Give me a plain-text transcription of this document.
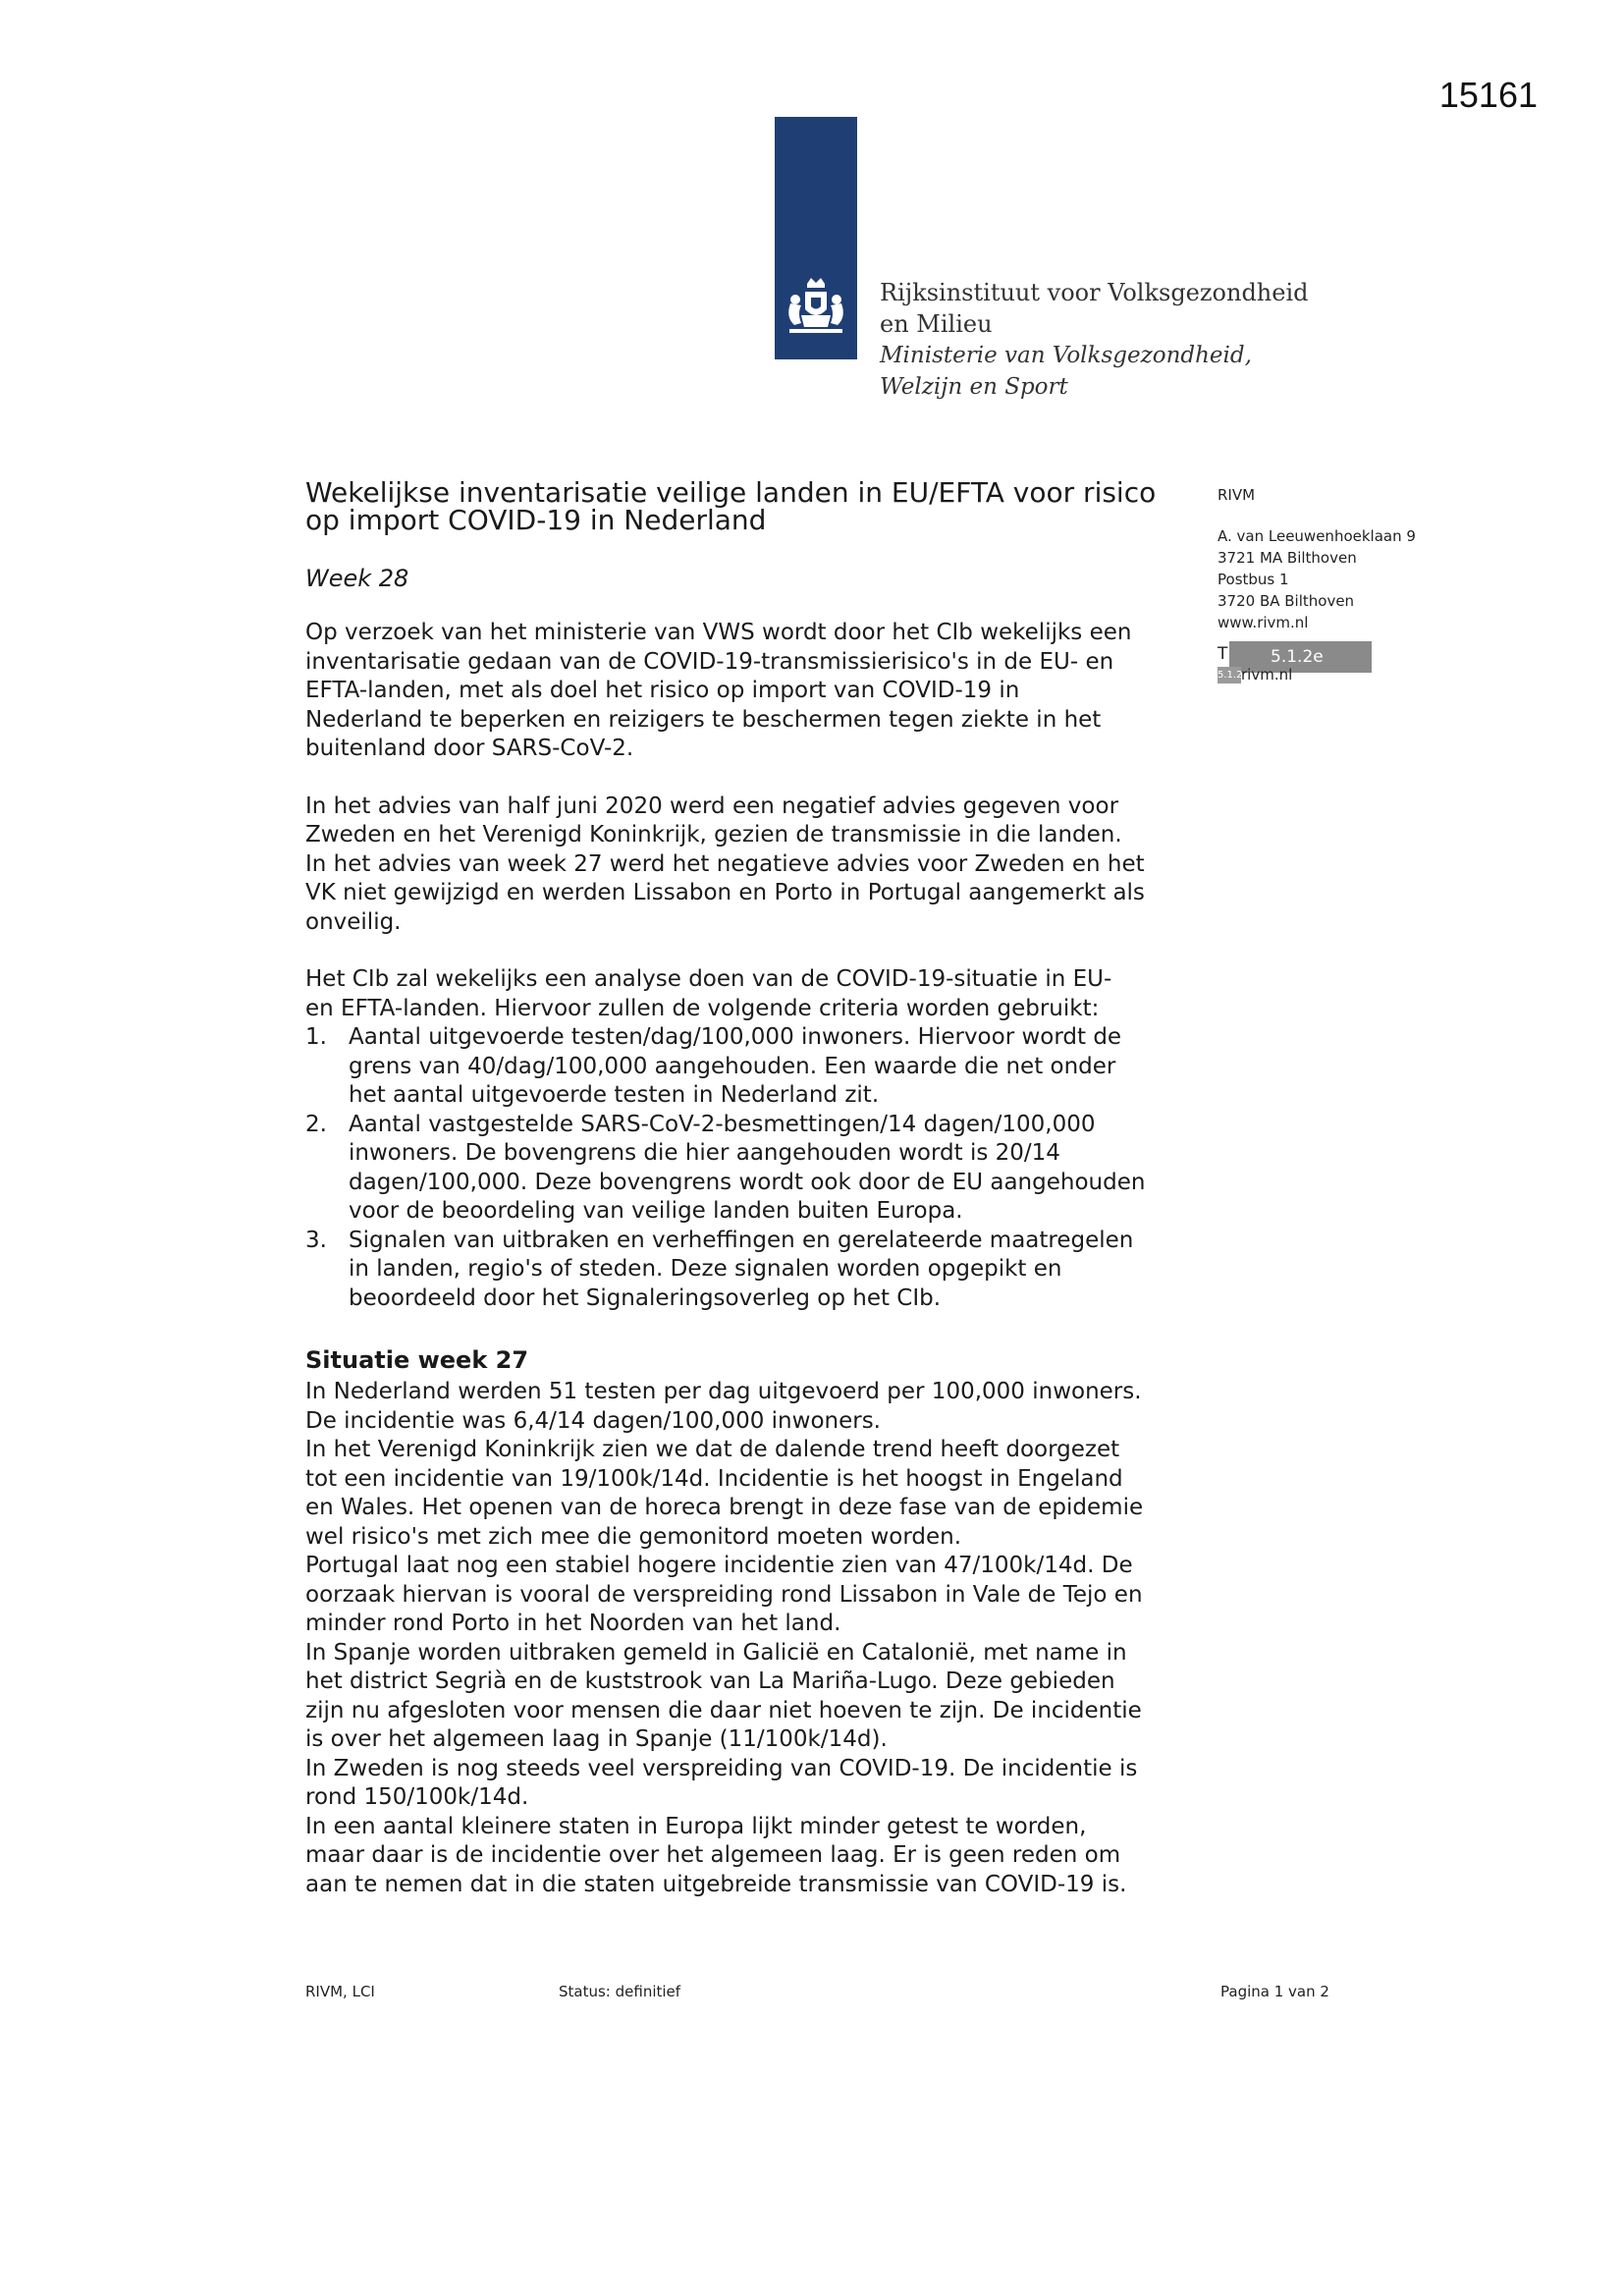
15161
Rijksinstituut voor Volksgezondheid
en Milieu
Ministerie van Volksgezondheid,
Welzijn en Sport
Wekelijkse inventarisatie veilige landen in EU/EFTA voor risico
op import COVID-19 in Nederland
Week 28
Op verzoek van het ministerie van VWS wordt door het CIb wekelijks een
inventarisatie gedaan van de COVID-19-transmissierisico's in de EU- en
EFTA-landen, met als doel het risico op import van COVID-19 in
Nederland te beperken en reizigers te beschermen tegen ziekte in het
buitenland door SARS-CoV-2.
In het advies van half juni 2020 werd een negatief advies gegeven voor
Zweden en het Verenigd Koninkrijk, gezien de transmissie in die landen.
In het advies van week 27 werd het negatieve advies voor Zweden en het
VK niet gewijzigd en werden Lissabon en Porto in Portugal aangemerkt als
onveilig.
Het CIb zal wekelijks een analyse doen van de COVID-19-situatie in EU-
en EFTA-landen. Hiervoor zullen de volgende criteria worden gebruikt:
1. Aantal uitgevoerde testen/dag/100,000 inwoners. Hiervoor wordt de
grens van 40/dag/100,000 aangehouden. Een waarde die net onder
het aantal uitgevoerde testen in Nederland zit.
2. Aantal vastgestelde SARS-CoV-2-besmettingen/14 dagen/100,000
inwoners. De bovengrens die hier aangehouden wordt is 20/14
dagen/100,000. Deze bovengrens wordt ook door de EU aangehouden
voor de beoordeling van veilige landen buiten Europa.
3. Signalen van uitbraken en verheffingen en gerelateerde maatregelen
in landen, regio's of steden. Deze signalen worden opgepikt en
beoordeeld door het Signaleringsoverleg op het CIb.
Situatie week 27
In Nederland werden 51 testen per dag uitgevoerd per 100,000 inwoners.
De incidentie was 6,4/14 dagen/100,000 inwoners.
In het Verenigd Koninkrijk zien we dat de dalende trend heeft doorgezet
tot een incidentie van 19/100k/14d. Incidentie is het hoogst in Engeland
en Wales. Het openen van de horeca brengt in deze fase van de epidemie
wel risico's met zich mee die gemonitord moeten worden.
Portugal laat nog een stabiel hogere incidentie zien van 47/100k/14d. De
oorzaak hiervan is vooral de verspreiding rond Lissabon in Vale de Tejo en
minder rond Porto in het Noorden van het land.
In Spanje worden uitbraken gemeld in Galicië en Catalonië, met name in
het district Segrià en de kuststrook van La Mariña-Lugo. Deze gebieden
zijn nu afgesloten voor mensen die daar niet hoeven te zijn. De incidentie
is over het algemeen laag in Spanje (11/100k/14d).
In Zweden is nog steeds veel verspreiding van COVID-19. De incidentie is
rond 150/100k/14d.
In een aantal kleinere staten in Europa lijkt minder getest te worden,
maar daar is de incidentie over het algemeen laag. Er is geen reden om
aan te nemen dat in die staten uitgebreide transmissie van COVID-19 is.
RIVM
A. van Leeuwenhoeklaan 9
3721 MA Bilthoven
Postbus 1
3720 BA Bilthoven
www.rivm.nl
T	5.1.2e
5.1.2e
rivm.nl
RIVM, LCI	Status: definitief	Pagina 1 van 2
